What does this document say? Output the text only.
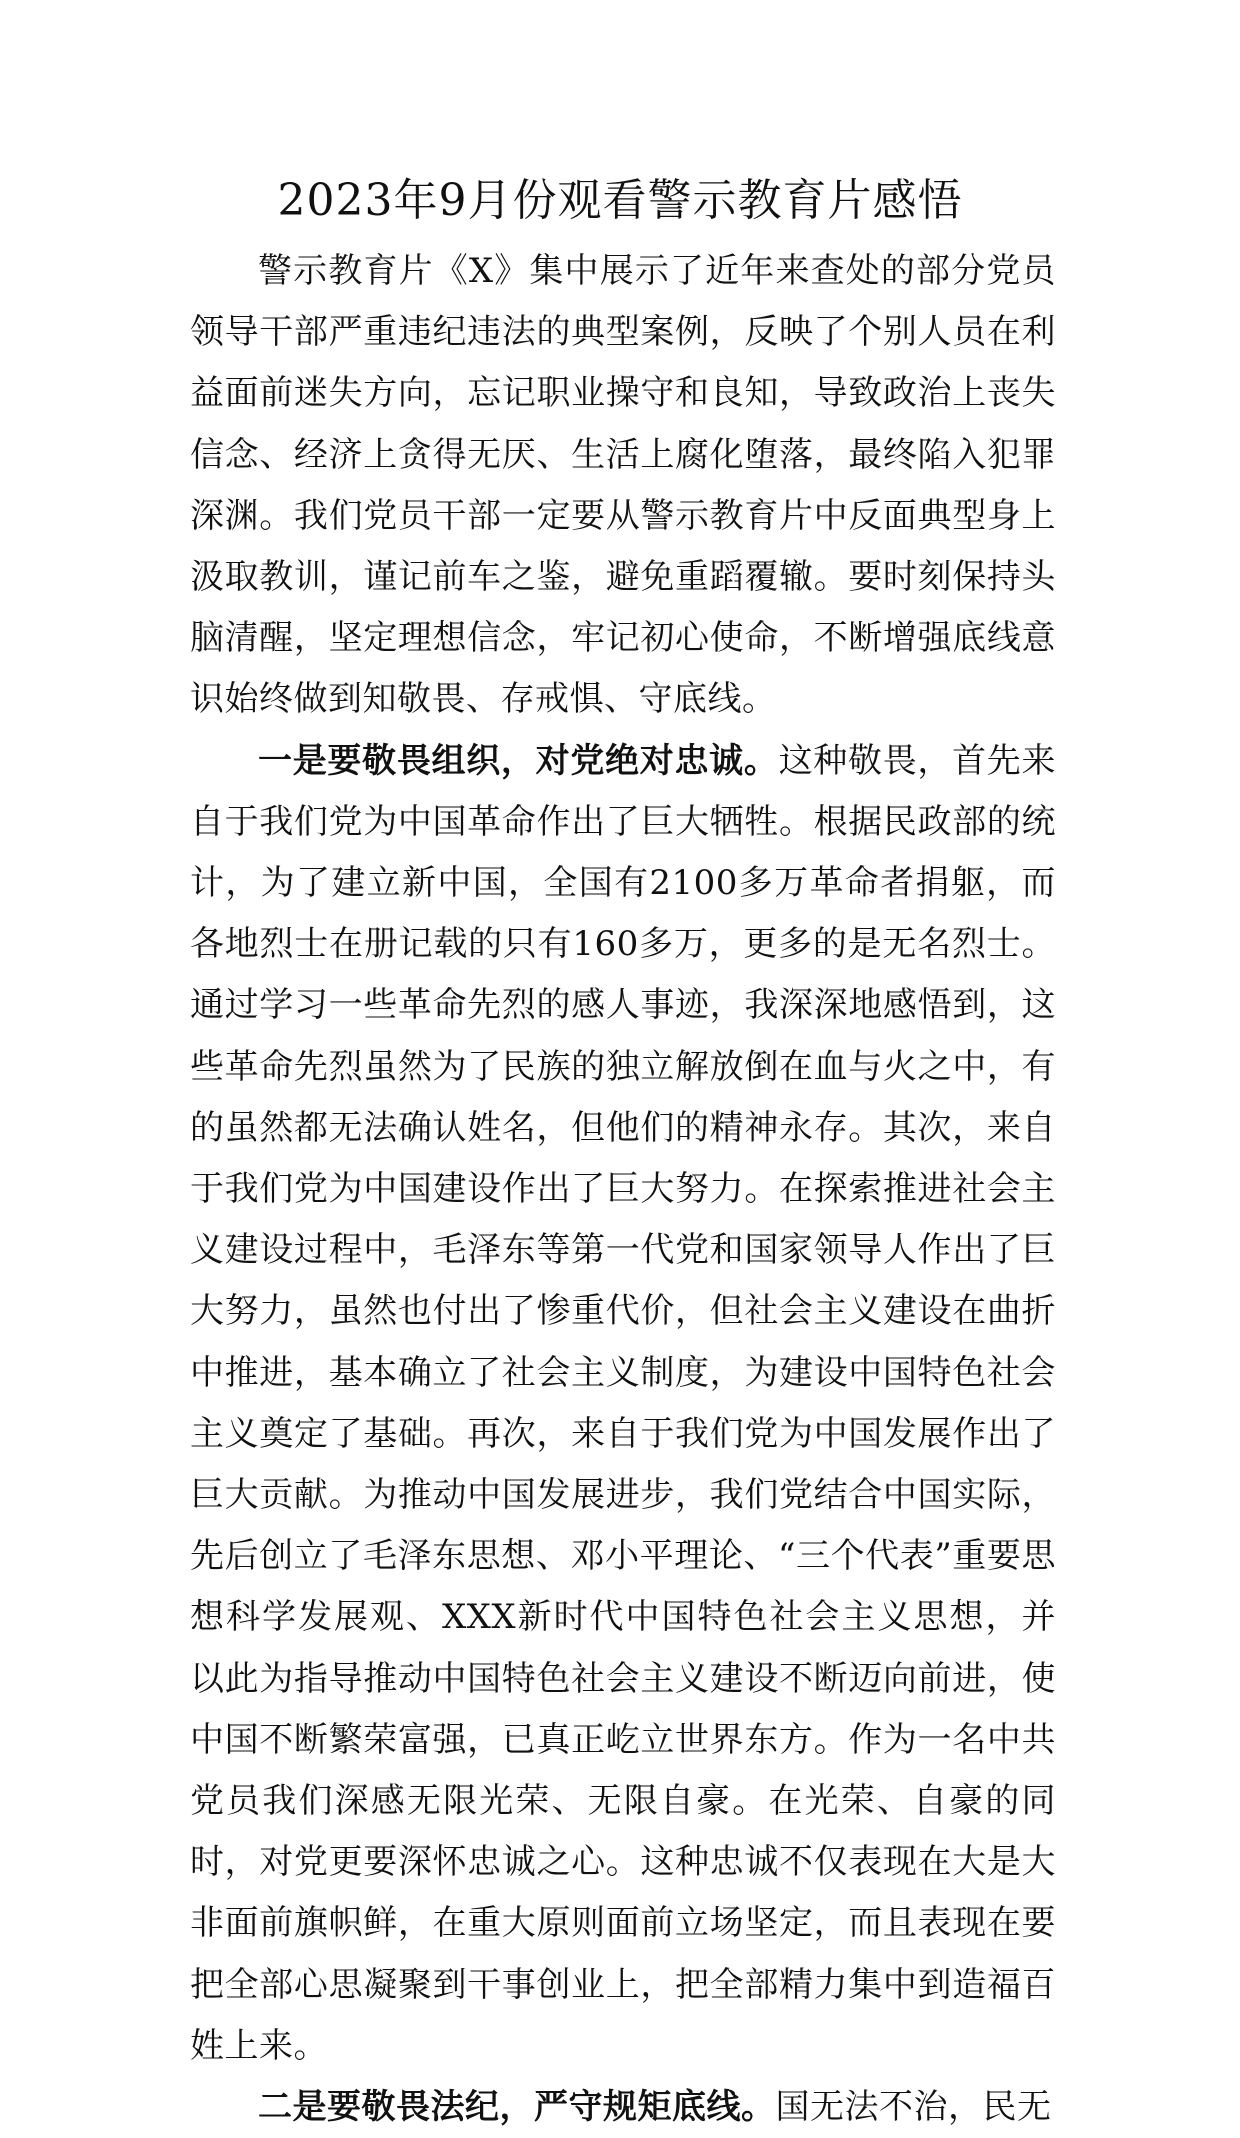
2023年9月份观看警示教育片感悟

警示教育片《X》集中展示了近年来查处的部分党员领导干部严重违纪违法的典型案例，反映了个别人员在利益面前迷失方向，忘记职业操守和良知，导致政治上丧失信念、经济上贪得无厌、生活上腐化堕落，最终陷入犯罪深渊。我们党员干部一定要从警示教育片中反面典型身上汲取教训，谨记前车之鉴，避免重蹈覆辙。要时刻保持头脑清醒，坚定理想信念，牢记初心使命，不断增强底线意识始终做到知敬畏、存戒惧、守底线。

一是要敬畏组织，对党绝对忠诚。这种敬畏，首先来自于我们党为中国革命作出了巨大牺牲。根据民政部的统计，为了建立新中国，全国有2100多万革命者捐躯，而各地烈士在册记载的只有160多万，更多的是无名烈士。通过学习一些革命先烈的感人事迹，我深深地感悟到，这些革命先烈虽然为了民族的独立解放倒在血与火之中，有的虽然都无法确认姓名，但他们的精神永存。其次，来自于我们党为中国建设作出了巨大努力。在探索推进社会主义建设过程中，毛泽东等第一代党和国家领导人作出了巨大努力，虽然也付出了惨重代价，但社会主义建设在曲折中推进，基本确立了社会主义制度，为建设中国特色社会主义奠定了基础。再次，来自于我们党为中国发展作出了巨大贡献。为推动中国发展进步，我们党结合中国实际，先后创立了毛泽东思想、邓小平理论、“三个代表”重要思想科学发展观、XXX新时代中国特色社会主义思想，并以此为指导推动中国特色社会主义建设不断迈向前进，使中国不断繁荣富强，已真正屹立世界东方。作为一名中共党员我们深感无限光荣、无限自豪。在光荣、自豪的同时，对党更要深怀忠诚之心。这种忠诚不仅表现在大是大非面前旗帜鲜，在重大原则面前立场坚定，而且表现在要把全部心思凝聚到干事创业上，把全部精力集中到造福百姓上来。

二是要敬畏法纪，严守规矩底线。国无法不治，民无
